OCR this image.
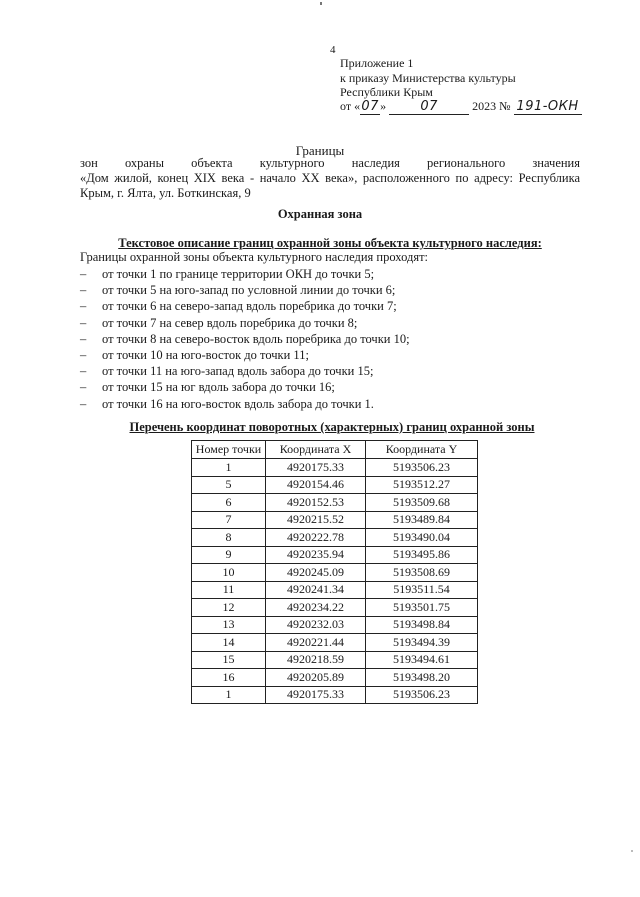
4
Приложение 1
к приказу Министерства культуры
Республики Крым
от «07»	07	2023 № 191-ОКН
Границы
зон охраны объекта культурного наследия регионального значения
«Дом жилой, конец XIX века - начало XX века», расположенного по адресу: Республика
Крым, г. Ялта, ул. Боткинская, 9
Охранная зона
Текстовое описание границ охранной зоны объекта культурного наследия:
Границы охранной зоны объекта культурного наследия проходят:
–	от точки 1 по границе территории ОКН до точки 5;
–	от точки 5 на юго-запад по условной линии до точки 6;
–	от точки 6 на северо-запад вдоль поребрика до точки 7;
–	от точки 7 на север вдоль поребрика до точки 8;
–	от точки 8 на северо-восток вдоль поребрика до точки 10;
–	от точки 10 на юго-восток до точки 11;
–	от точки 11 на юго-запад вдоль забора до точки 15;
–	от точки 15 на юг вдоль забора до точки 16;
–	от точки 16 на юго-восток вдоль забора до точки 1.
Перечень координат поворотных (характерных) границ охранной зоны
Номер точки	Координата X	Координата Y
1	4920175.33	5193506.23
5	4920154.46	5193512.27
6	4920152.53	5193509.68
7	4920215.52	5193489.84
8	4920222.78	5193490.04
9	4920235.94	5193495.86
10	4920245.09	5193508.69
11	4920241.34	5193511.54
12	4920234.22	5193501.75
13	4920232.03	5193498.84
14	4920221.44	5193494.39
15	4920218.59	5193494.61
16	4920205.89	5193498.20
1	4920175.33	5193506.23
